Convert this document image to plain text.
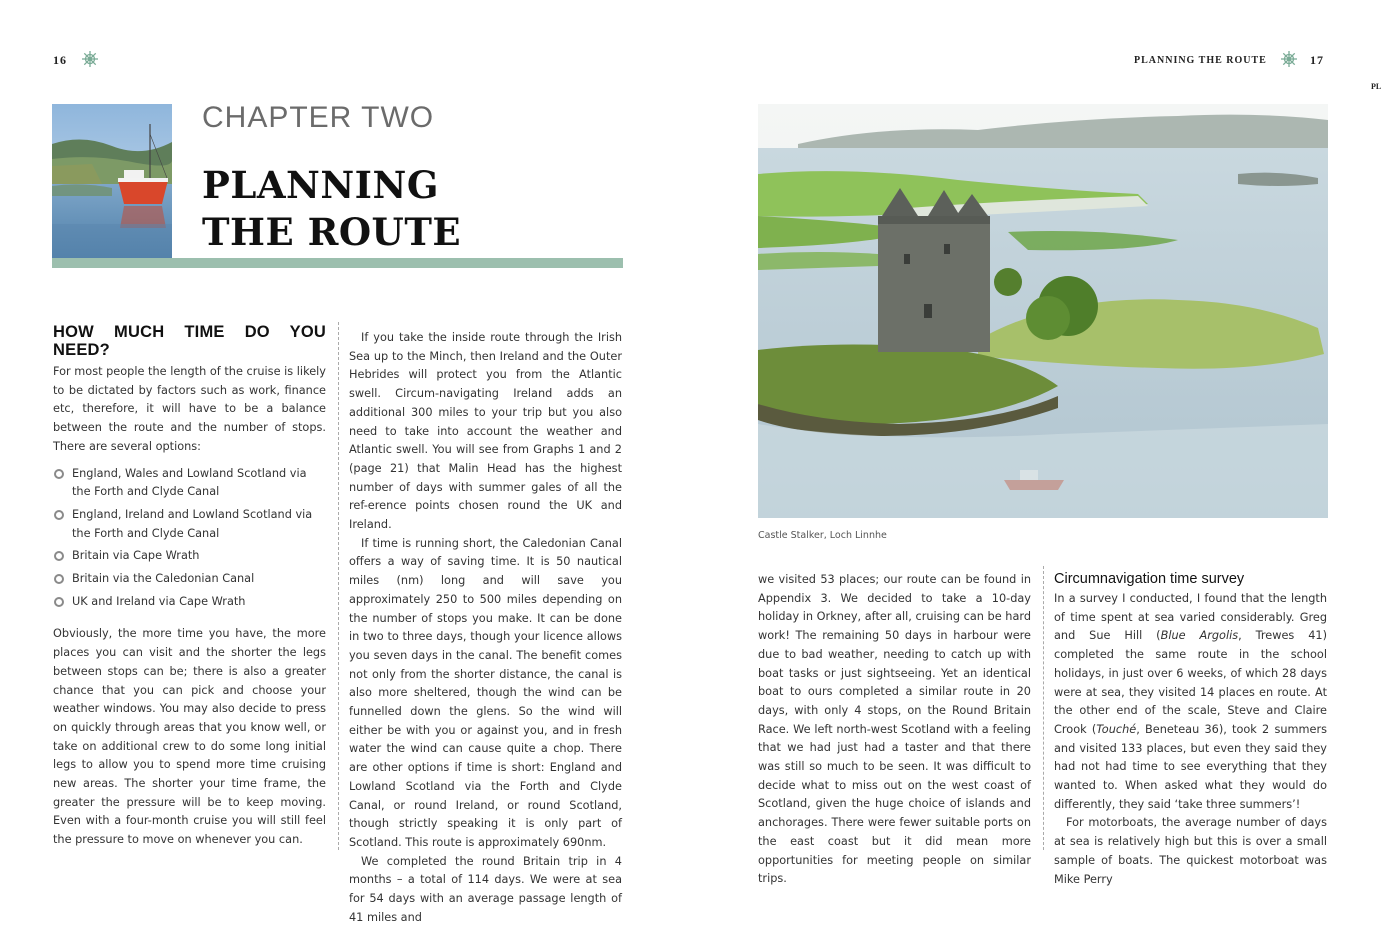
16
CHAPTER TWO
PLANNING
THE ROUTE
HOW MUCH TIME DO YOU NEED?

For most people the length of the cruise is likely to be dictated by factors such as work, finance etc, therefore, it will have to be a balance between the route and the number of stops. There are several options:

England, Wales and Lowland Scotland via the Forth and Clyde Canal
England, Ireland and Lowland Scotland via the Forth and Clyde Canal
Britain via Cape Wrath
Britain via the Caledonian Canal
UK and Ireland via Cape Wrath

Obviously, the more time you have, the more places you can visit and the shorter the legs between stops can be; there is also a greater chance that you can pick and choose your weather windows. You may also decide to press on quickly through areas that you know well, or take on additional crew to do some long initial legs to allow you to spend more time cruising new areas. The shorter your time frame, the greater the pressure will be to keep moving. Even with a four-month cruise you will still feel the pressure to move on whenever you can.

If you take the inside route through the Irish Sea up to the Minch, then Ireland and the Outer Hebrides will protect you from the Atlantic swell. Circum-navigating Ireland adds an additional 300 miles to your trip but you also need to take into account the weather and Atlantic swell. You will see from Graphs 1 and 2 (page 21) that Malin Head has the highest number of days with summer gales of all the ref-erence points chosen round the UK and Ireland.

If time is running short, the Caledonian Canal offers a way of saving time. It is 50 nautical miles (nm) long and will save you approximately 250 to 500 miles depending on the number of stops you make. It can be done in two to three days, though your licence allows you seven days in the canal. The benefit comes not only from the shorter distance, the canal is also more sheltered, though the wind can be funnelled down the glens. So the wind will either be with you or against you, and in fresh water the wind can cause quite a chop. There are other options if time is short: England and Lowland Scotland via the Forth and Clyde Canal, or round Ireland, or round Scotland, though strictly speaking it is only part of Scotland. This route is approximately 690nm.

We completed the round Britain trip in 4 months – a total of 114 days. We were at sea for 54 days with an average passage length of 41 miles and

PLANNING THE ROUTE	17
PL
Castle Stalker, Loch Linnhe

we visited 53 places; our route can be found in Appendix 3. We decided to take a 10-day holiday in Orkney, after all, cruising can be hard work! The remaining 50 days in harbour were due to bad weather, needing to catch up with boat tasks or just sightseeing. Yet an identical boat to ours completed a similar route in 20 days, with only 4 stops, on the Round Britain Race. We left north-west Scotland with a feeling that we had just had a taster and that there was still so much to be seen. It was difficult to decide what to miss out on the west coast of Scotland, given the huge choice of islands and anchorages. There were fewer suitable ports on the east coast but it did mean more opportunities for meeting people on similar trips.

Circumnavigation time survey

In a survey I conducted, I found that the length of time spent at sea varied considerably. Greg and Sue Hill (Blue Argolis, Trewes 41) completed the same route in the school holidays, in just over 6 weeks, of which 28 days were at sea, they visited 14 places en route. At the other end of the scale, Steve and Claire Crook (Touché, Beneteau 36), took 2 summers and visited 133 places, but even they said they had not had time to see everything that they wanted to. When asked what they would do differently, they said ‘take three summers’!

For motorboats, the average number of days at sea is relatively high but this is over a small sample of boats. The quickest motorboat was Mike Perry
